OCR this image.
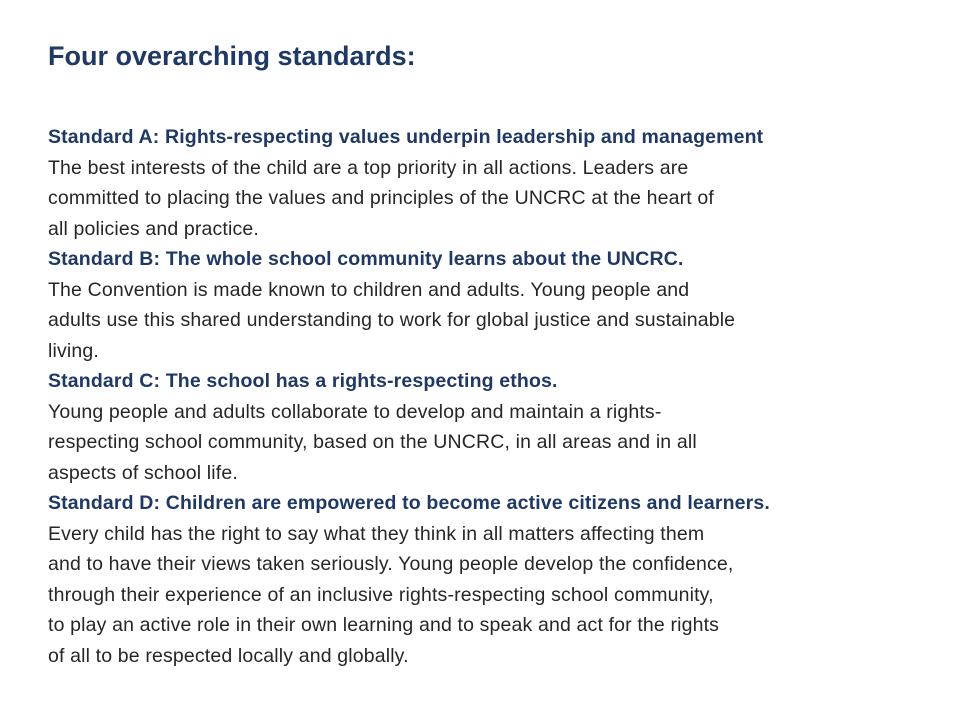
Four overarching standards:
Standard A: Rights-respecting values underpin leadership and management
The best interests of the child are a top priority in all actions. Leaders are
committed to placing the values and principles of the UNCRC at the heart of
all policies and practice.
Standard B: The whole school community learns about the UNCRC.
The Convention is made known to children and adults. Young people and
adults use this shared understanding to work for global justice and sustainable
living.
Standard C: The school has a rights-respecting ethos.
Young people and adults collaborate to develop and maintain a rights-
respecting school community, based on the UNCRC, in all areas and in all
aspects of school life.
Standard D: Children are empowered to become active citizens and learners.
Every child has the right to say what they think in all matters affecting them
and to have their views taken seriously. Young people develop the confidence,
through their experience of an inclusive rights-respecting school community,
to play an active role in their own learning and to speak and act for the rights
of all to be respected locally and globally.
